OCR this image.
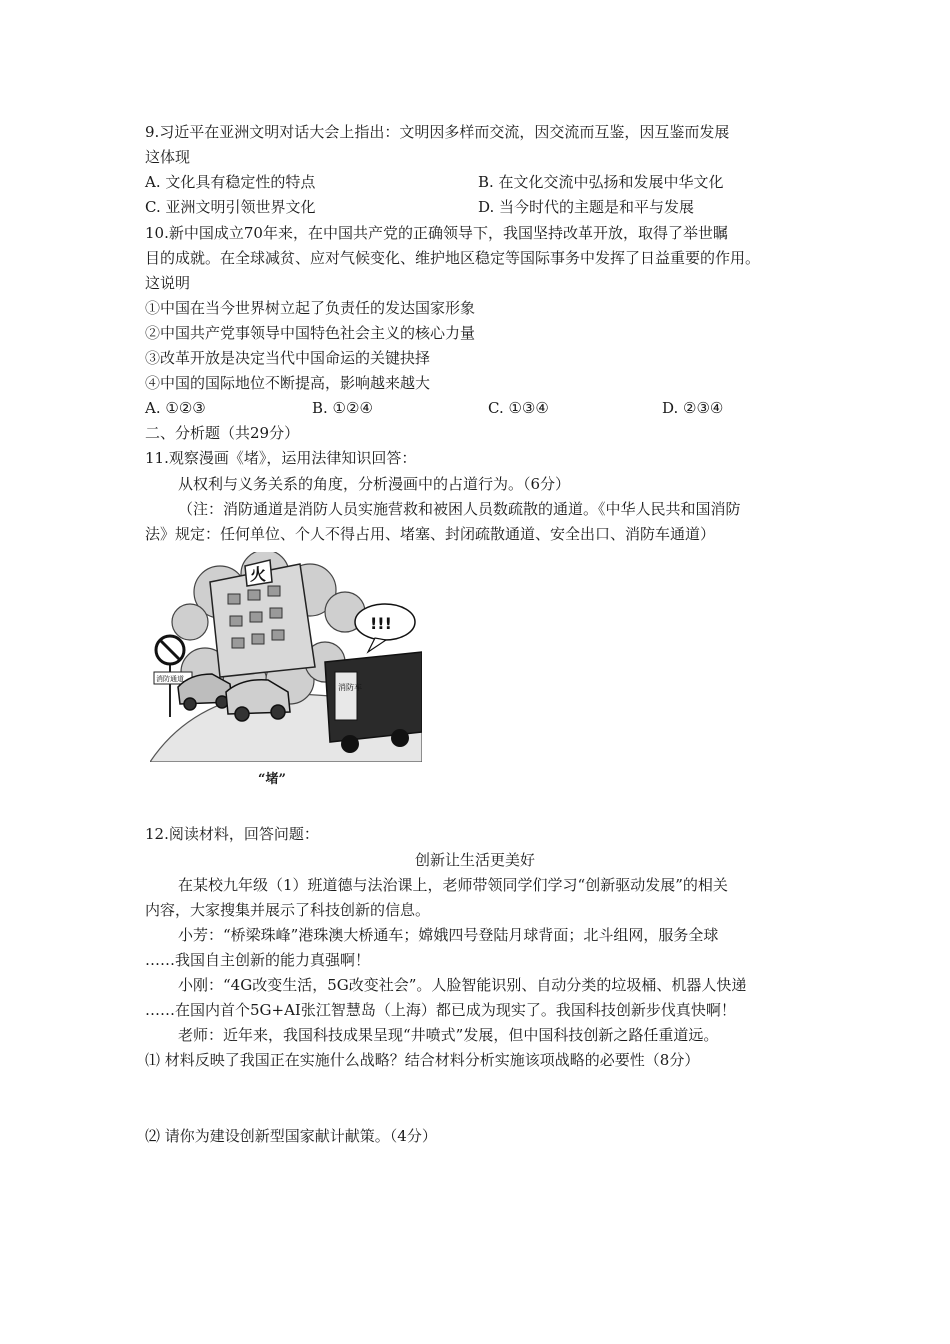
9.习近平在亚洲文明对话大会上指出：文明因多样而交流，因交流而互鉴，因互鉴而发展
这体现
A. 文化具有稳定性的特点	B. 在文化交流中弘扬和发展中华文化
C. 亚洲文明引领世界文化	D. 当今时代的主题是和平与发展
10.新中国成立70年来，在中国共产党的正确领导下，我国坚持改革开放，取得了举世瞩
目的成就。在全球减贫、应对气候变化、维护地区稳定等国际事务中发挥了日益重要的作用。
这说明
①中国在当今世界树立起了负责任的发达国家形象
②中国共产党事领导中国特色社会主义的核心力量
③改革开放是决定当代中国命运的关键抉择
④中国的国际地位不断提高，影响越来越大
A. ①②③	B. ①②④	C. ①③④	D. ②③④
二、分析题（共29分）
11.观察漫画《堵》，运用法律知识回答：
从权利与义务关系的角度，分析漫画中的占道行为。（6分）
（注：消防通道是消防人员实施营救和被困人员数疏散的通道。《中华人民共和国消防
法》规定：任何单位、个人不得占用、堵塞、封闭疏散通道、安全出口、消防车通道）
火
消防通道
消防车
!!!
“堵”
12.阅读材料，回答问题：
创新让生活更美好
在某校九年级（1）班道德与法治课上，老师带领同学们学习“创新驱动发展”的相关
内容，大家搜集并展示了科技创新的信息。
小芳：“桥梁珠峰”港珠澳大桥通车；嫦娥四号登陆月球背面；北斗组网，服务全球
……我国自主创新的能力真强啊！
小刚：“4G改变生活，5G改变社会”。人脸智能识别、自动分类的垃圾桶、机器人快递
……在国内首个5G+AI张江智慧岛（上海）都已成为现实了。我国科技创新步伐真快啊！
老师：近年来，我国科技成果呈现“井喷式”发展，但中国科技创新之路任重道远。
⑴ 材料反映了我国正在实施什么战略？结合材料分析实施该项战略的必要性（8分）
⑵ 请你为建设创新型国家献计献策。（4分）
